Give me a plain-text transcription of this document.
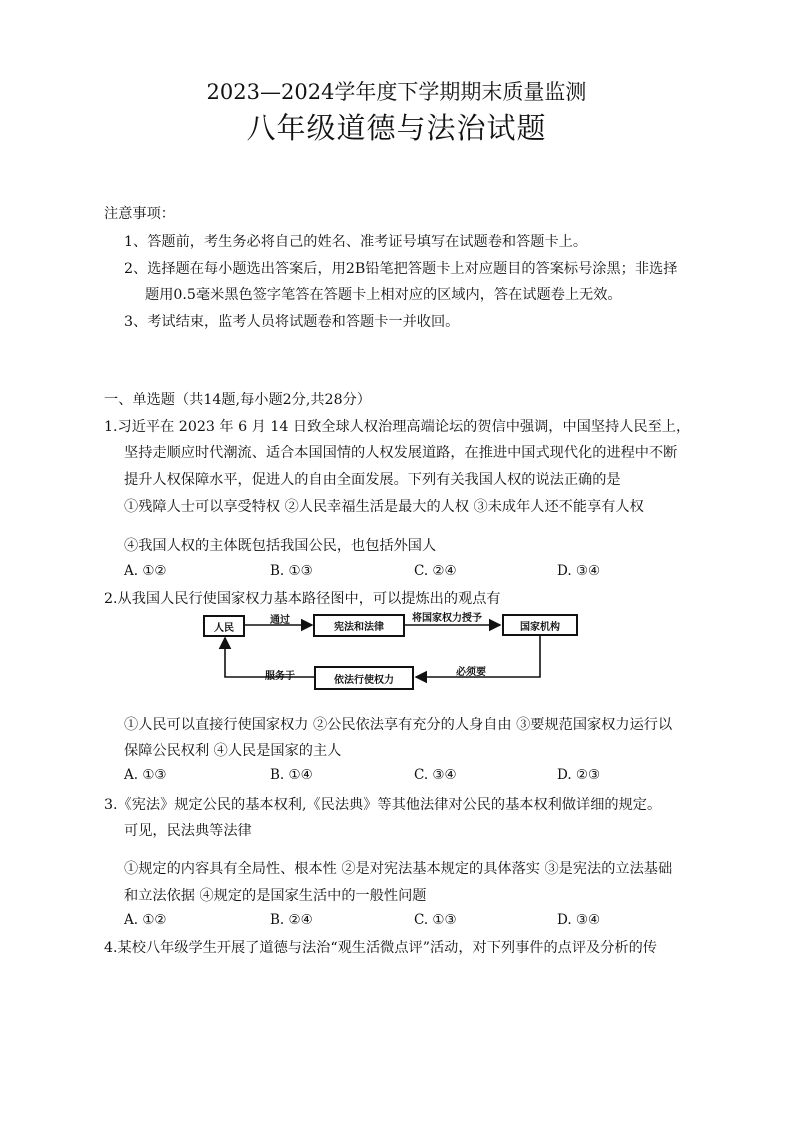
2023—2024学年度下学期期末质量监测
八年级道德与法治试题
注意事项：
1、答题前，考生务必将自己的姓名、准考证号填写在试题卷和答题卡上。
2、选择题在每小题选出答案后，用2B铅笔把答题卡上对应题目的答案标号涂黑；非选择
题用0.5毫米黑色签字笔答在答题卡上相对应的区域内，答在试题卷上无效。
3、考试结束，监考人员将试题卷和答题卡一并收回。
一、单选题（共14题,每小题2分,共28分）
1.习近平在 2023 年 6 月 14 日致全球人权治理高端论坛的贺信中强调，中国坚持人民至上，
坚持走顺应时代潮流、适合本国国情的人权发展道路，在推进中国式现代化的进程中不断
提升人权保障水平，促进人的自由全面发展。下列有关我国人权的说法正确的是
①残障人士可以享受特权 ②人民幸福生活是最大的人权 ③未成年人还不能享有人权
④我国人权的主体既包括我国公民，也包括外国人
A. ①②	B. ①③	C. ②④	D. ③④
2.从我国人民行使国家权力基本路径图中，可以提炼出的观点有
人民	宪法和法律	国家机构
依法行使权力
通过	将国家权力授予
必须要
服务于
①人民可以直接行使国家权力 ②公民依法享有充分的人身自由 ③要规范国家权力运行以
保障公民权利 ④人民是国家的主人
A. ①③	B. ①④	C. ③④	D. ②③
3.《宪法》规定公民的基本权利,《民法典》等其他法律对公民的基本权利做详细的规定。
可见，民法典等法律
①规定的内容具有全局性、根本性 ②是对宪法基本规定的具体落实 ③是宪法的立法基础
和立法依据 ④规定的是国家生活中的一般性问题
A. ①②	B. ②④	C. ①③	D. ③④
4.某校八年级学生开展了道德与法治“观生活微点评”活动，对下列事件的点评及分析的传
